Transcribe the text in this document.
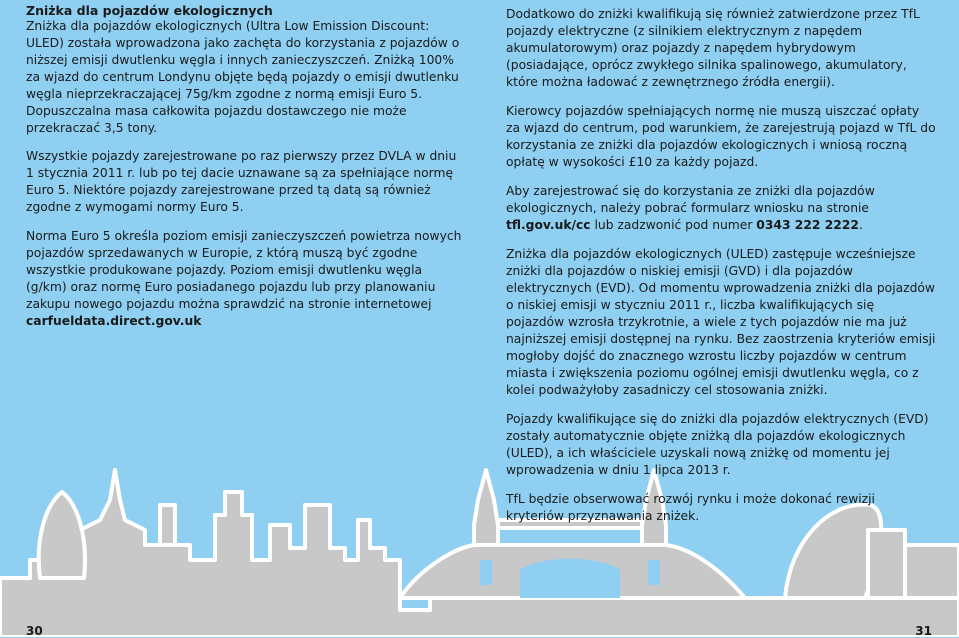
Zniżka dla pojazdów ekologicznych

Zniżka dla pojazdów ekologicznych (Ultra Low Emission Discount: ULED) została wprowadzona jako zachęta do korzystania z pojazdów o niższej emisji dwutlenku węgla i innych zanieczyszczeń. Zniżką 100% za wjazd do centrum Londynu objęte będą pojazdy o emisji dwutlenku węgla nieprzekraczającej 75g/km zgodne z normą emisji Euro 5. Dopuszczalna masa całkowita pojazdu dostawczego nie może przekraczać 3,5 tony.

Wszystkie pojazdy zarejestrowane po raz pierwszy przez DVLA w dniu 1 stycznia 2011 r. lub po tej dacie uznawane są za spełniające normę Euro 5. Niektóre pojazdy zarejestrowane przed tą datą są również zgodne z wymogami normy Euro 5.

Norma Euro 5 określa poziom emisji zanieczyszczeń powietrza nowych pojazdów sprzedawanych w Europie, z którą muszą być zgodne wszystkie produkowane pojazdy. Poziom emisji dwutlenku węgla (g/km) oraz normę Euro posiadanego pojazdu lub przy planowaniu zakupu nowego pojazdu można sprawdzić na stronie internetowej carfueldata.direct.gov.uk

Dodatkowo do zniżki kwalifikują się również zatwierdzone przez TfL pojazdy elektryczne (z silnikiem elektrycznym z napędem akumulatorowym) oraz pojazdy z napędem hybrydowym (posiadające, oprócz zwykłego silnika spalinowego, akumulatory, które można ładować z zewnętrznego źródła energii).

Kierowcy pojazdów spełniających normę nie muszą uiszczać opłaty za wjazd do centrum, pod warunkiem, że zarejestrują pojazd w TfL do korzystania ze zniżki dla pojazdów ekologicznych i wniosą roczną opłatę w wysokości £10 za każdy pojazd.

Aby zarejestrować się do korzystania ze zniżki dla pojazdów ekologicznych, należy pobrać formularz wniosku na stronie tfl.gov.uk/cc lub zadzwonić pod numer 0343 222 2222.

Zniżka dla pojazdów ekologicznych (ULED) zastępuje wcześniejsze zniżki dla pojazdów o niskiej emisji (GVD) i dla pojazdów elektrycznych (EVD). Od momentu wprowadzenia zniżki dla pojazdów o niskiej emisji w styczniu 2011 r., liczba kwalifikujących się pojazdów wzrosła trzykrotnie, a wiele z tych pojazdów nie ma już najniższej emisji dostępnej na rynku. Bez zaostrzenia kryteriów emisji mogłoby dojść do znacznego wzrostu liczby pojazdów w centrum miasta i zwiększenia poziomu ogólnej emisji dwutlenku węgla, co z kolei podważyłoby zasadniczy cel stosowania zniżki.

Pojazdy kwalifikujące się do zniżki dla pojazdów elektrycznych (EVD) zostały automatycznie objęte zniżką dla pojazdów ekologicznych (ULED), a ich właściciele uzyskali nową zniżkę od momentu jej wprowadzenia w dniu 1 lipca 2013 r.

TfL będzie obserwować rozwój rynku i może dokonać rewizji kryteriów przyznawania zniżek.

30	31
